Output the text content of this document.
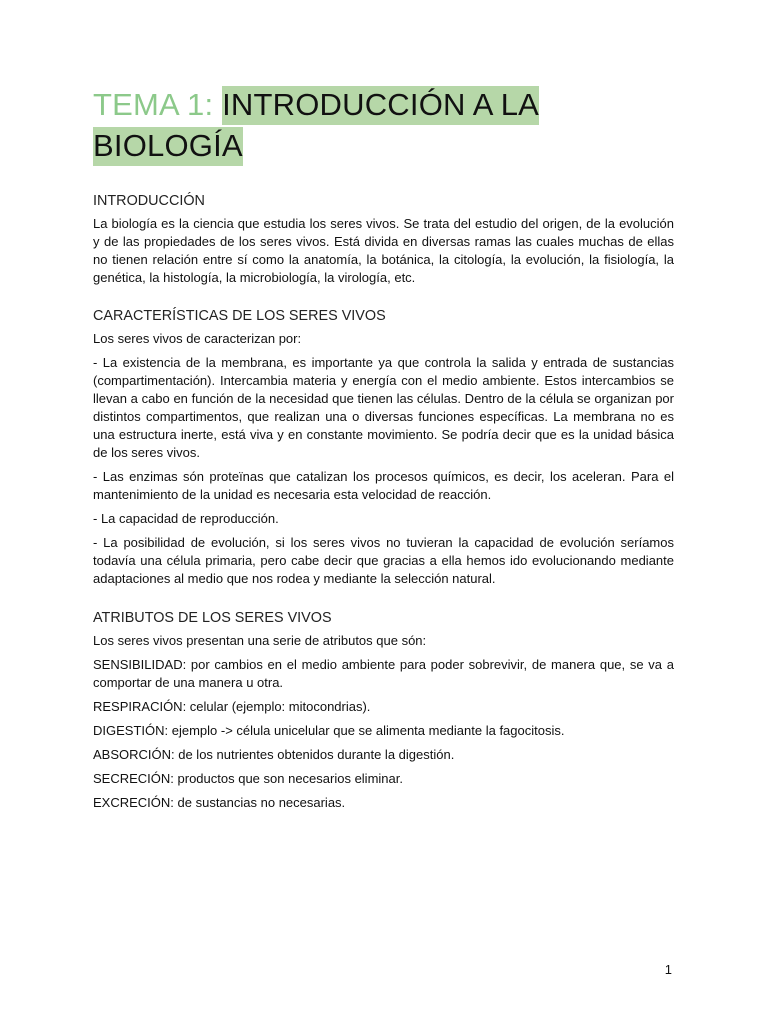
TEMA 1: INTRODUCCIÓN A LA
BIOLOGÍA
INTRODUCCIÓN

La biología es la ciencia que estudia los seres vivos. Se trata del estudio del origen, de la evolución y de las propiedades de los seres vivos. Está divida en diversas ramas las cuales muchas de ellas no tienen relación entre sí como la anatomía, la botánica, la citología, la evolución, la fisiología, la genética, la histología, la microbiología, la virología, etc.

CARACTERÍSTICAS DE LOS SERES VIVOS

Los seres vivos de caracterizan por:

- La existencia de la membrana, es importante ya que controla la salida y entrada de sustancias (compartimentación). Intercambia materia y energía con el medio ambiente. Estos intercambios se llevan a cabo en función de la necesidad que tienen las células. Dentro de la célula se organizan por distintos compartimentos, que realizan una o diversas funciones específicas. La membrana no es una estructura inerte, está viva y en constante movimiento. Se podría decir que es la unidad básica de los seres vivos.

- Las enzimas són proteïnas que catalizan los procesos químicos, es decir, los aceleran. Para el mantenimiento de la unidad es necesaria esta velocidad de reacción.

- La capacidad de reproducción.

- La posibilidad de evolución, si los seres vivos no tuvieran la capacidad de evolución seríamos todavía una célula primaria, pero cabe decir que gracias a ella hemos ido evolucionando mediante adaptaciones al medio que nos rodea y mediante la selección natural.

ATRIBUTOS DE LOS SERES VIVOS

Los seres vivos presentan una serie de atributos que són:

SENSIBILIDAD: por cambios en el medio ambiente para poder sobrevivir, de manera que, se va a comportar de una manera u otra.

RESPIRACIÓN: celular (ejemplo: mitocondrias).

DIGESTIÓN: ejemplo -> célula unicelular que se alimenta mediante la fagocitosis.

ABSORCIÓN: de los nutrientes obtenidos durante la digestión.

SECRECIÓN: productos que son necesarios eliminar.

EXCRECIÓN: de sustancias no necesarias.

1
